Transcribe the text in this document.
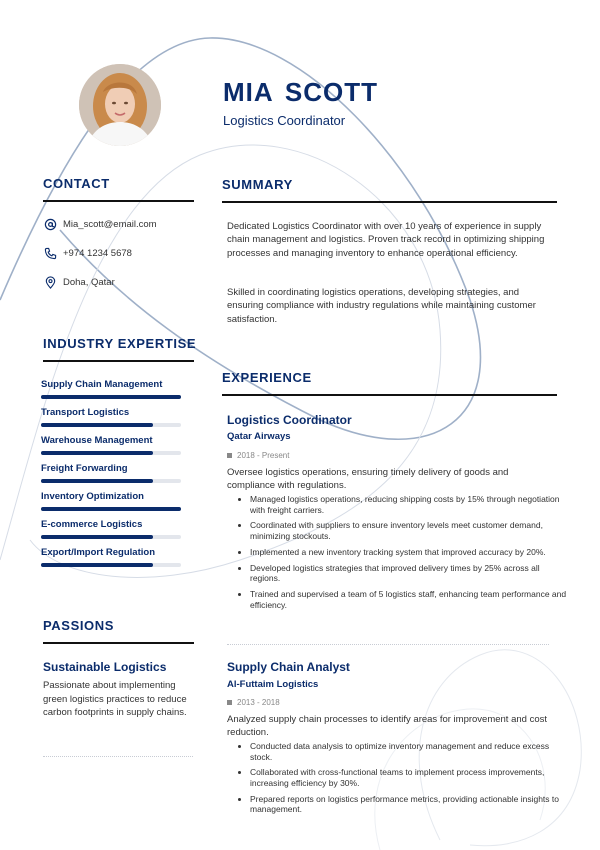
MIA SCOTT

Logistics Coordinator

CONTACT
Mia_scott@email.com
+974 1234 5678
Doha, Qatar
INDUSTRY EXPERTISE
Supply Chain Management
Transport Logistics
Warehouse Management
Freight Forwarding
Inventory Optimization
E-commerce Logistics
Export/Import Regulation
PASSIONS

Sustainable Logistics

Passionate about implementing green logistics practices to reduce carbon footprints in supply chains.

SUMMARY

Dedicated Logistics Coordinator with over 10 years of experience in supply chain management and logistics. Proven track record in optimizing shipping processes and managing inventory to enhance operational efficiency.

Skilled in coordinating logistics operations, developing strategies, and ensuring compliance with industry regulations while maintaining customer satisfaction.

EXPERIENCE

Logistics Coordinator

Qatar Airways

2018 - Present

Oversee logistics operations, ensuring timely delivery of goods and compliance with regulations.

• Managed logistics operations, reducing shipping costs by 15% through negotiation with freight carriers.
• Coordinated with suppliers to ensure inventory levels meet customer demand, minimizing stockouts.
• Implemented a new inventory tracking system that improved accuracy by 20%.
• Developed logistics strategies that improved delivery times by 25% across all regions.
• Trained and supervised a team of 5 logistics staff, enhancing team performance and efficiency.

Supply Chain Analyst

Al-Futtaim Logistics

2013 - 2018

Analyzed supply chain processes to identify areas for improvement and cost reduction.

• Conducted data analysis to optimize inventory management and reduce excess stock.
• Collaborated with cross-functional teams to implement process improvements, increasing efficiency by 30%.
• Prepared reports on logistics performance metrics, providing actionable insights to management.
